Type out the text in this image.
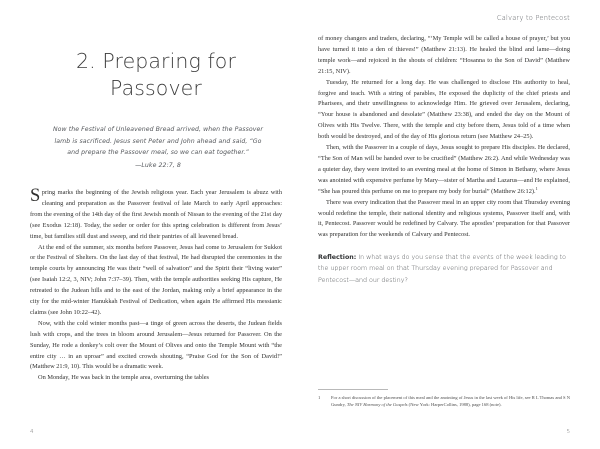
2. Preparing for
Passover
Now the Festival of Unleavened Bread arrived, when the Passover lamb is sacrificed. Jesus sent Peter and John ahead and said, “Go and prepare the Passover meal, so we can eat together.”
—Luke 22:7, 8

Spring marks the beginning of the Jewish religious year. Each year Jerusalem is abuzz with cleaning and preparation as the Passover festival of late March to early April approaches: from the evening of the 14th day of the first Jewish month of Nissan to the evening of the 21st day (see Exodus 12:18). Today, the seder or order for this spring celebration is different from Jesus’ time, but families still dust and sweep, and rid their pantries of all leavened bread.

At the end of the summer, six months before Passover, Jesus had come to Jerusalem for Sukkot or the Festival of Shelters. On the last day of that festival, He had disrupted the ceremonies in the temple courts by announcing He was their “well of salvation” and the Spirit their “living water” (see Isaiah 12:2, 3, NIV; John 7:37–39). Then, with the temple authorities seeking His capture, He retreated to the Judean hills and to the east of the Jordan, making only a brief appearance in the city for the mid-winter Hanukkah Festival of Dedication, when again He affirmed His messianic claims (see John 10:22–42).

Now, with the cold winter months past—a tinge of green across the deserts, the Judean fields lush with crops, and the trees in bloom around Jerusalem—Jesus returned for Passover. On the Sunday, He rode a donkey’s colt over the Mount of Olives and onto the Temple Mount with “the entire city … in an uproar” and excited crowds shouting, “Praise God for the Son of David!” (Matthew 21:9, 10). This would be a dramatic week.

On Monday, He was back in the temple area, overturning the tables

4
Calvary to Pentecost

of money changers and traders, declaring, “‘My Temple will be called a house of prayer,’ but you have turned it into a den of thieves!” (Matthew 21:13). He healed the blind and lame—doing temple work—and rejoiced in the shouts of children: “Hosanna to the Son of David” (Matthew 21:15, NIV).

Tuesday, He returned for a long day. He was challenged to disclose His authority to heal, forgive and teach. With a string of parables, He exposed the duplicity of the chief priests and Pharisees, and their unwillingness to acknowledge Him. He grieved over Jerusalem, declaring, “Your house is abandoned and desolate” (Matthew 23:38), and ended the day on the Mount of Olives with His Twelve. There, with the temple and city before them, Jesus told of a time when both would be destroyed, and of the day of His glorious return (see Matthew 24–25).

Then, with the Passover in a couple of days, Jesus sought to prepare His disciples. He declared, “The Son of Man will be handed over to be crucified” (Matthew 26:2). And while Wednesday was a quieter day, they were invited to an evening meal at the home of Simon in Bethany, where Jesus was anointed with expensive perfume by Mary—sister of Martha and Lazarus—and He explained, “She has poured this perfume on me to prepare my body for burial” (Matthew 26:12).$^1$

There was every indication that the Passover meal in an upper city room that Thursday evening would redefine the temple, their national identity and religious systems, Passover itself and, with it, Pentecost. Passover would be redefined by Calvary. The apostles’ preparation for that Passover was preparation for the weekends of Calvary and Pentecost.

Reflection: In what ways do you sense that the events of the week leading to the upper room meal on that Thursday evening prepared for Passover and Pentecost—and our destiny?
1	For a short discussion of the placement of this meal and the anointing of Jesus in the last week of His life, see R L Thomas and S N Gundry, The NIV Harmony of the Gospels (New York: HarperCollins, 1988), page 168 (note).
5
